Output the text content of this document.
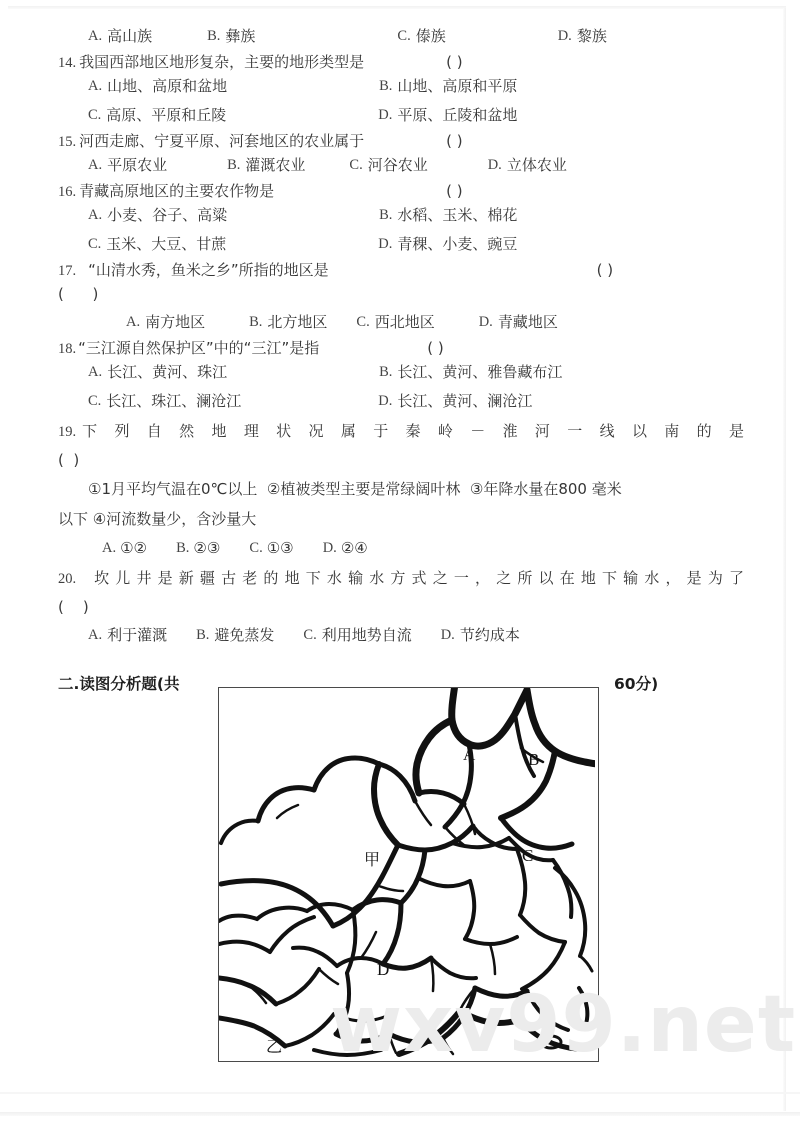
A. 高山族	B. 彝族	C. 傣族	D. 黎族
14. 我国西部地区地形复杂，主要的地形类型是	( )
A. 山地、高原和盆地	B. 山地、高原和平原
C. 高原、平原和丘陵	D. 平原、丘陵和盆地
15. 河西走廊、宁夏平原、河套地区的农业属于	( )
A. 平原农业	B. 灌溉农业	C. 河谷农业	D. 立体农业
16. 青藏高原地区的主要农作物是	( )
A. 小麦、谷子、高粱	B. 水稻、玉米、棉花
C. 玉米、大豆、甘蔗	D. 青稞、小麦、豌豆
17. “山清水秀，鱼米之乡”所指的地区是	( )
(      )
A. 南方地区	B. 北方地区	C. 西北地区	D. 青藏地区
18. “三江源自然保护区”中的“三江”是指	( )
A. 长江、黄河、珠江	B. 长江、黄河、雅鲁藏布江
C. 长江、珠江、澜沧江	D. 长江、黄河、澜沧江
19. 下列自然地理状况属于秦岭－淮河一线以南的是
(  )
①1月平均气温在0℃以上  ②植被类型主要是常绿阔叶林  ③年降水量在800 毫米
以下 ④河流数量少，含沙量大
A. ①②	B. ②③	C. ①③	D. ②④
20.	坎儿井是新疆古老的地下水输水方式之一，之所以在地下输水，是为了
(    )
A. 利于灌溉	B. 避免蒸发	C. 利用地势自流	D. 节约成本
二.读图分析题(共	60分)
wxv99.net
A	B
C
甲
D
乙
